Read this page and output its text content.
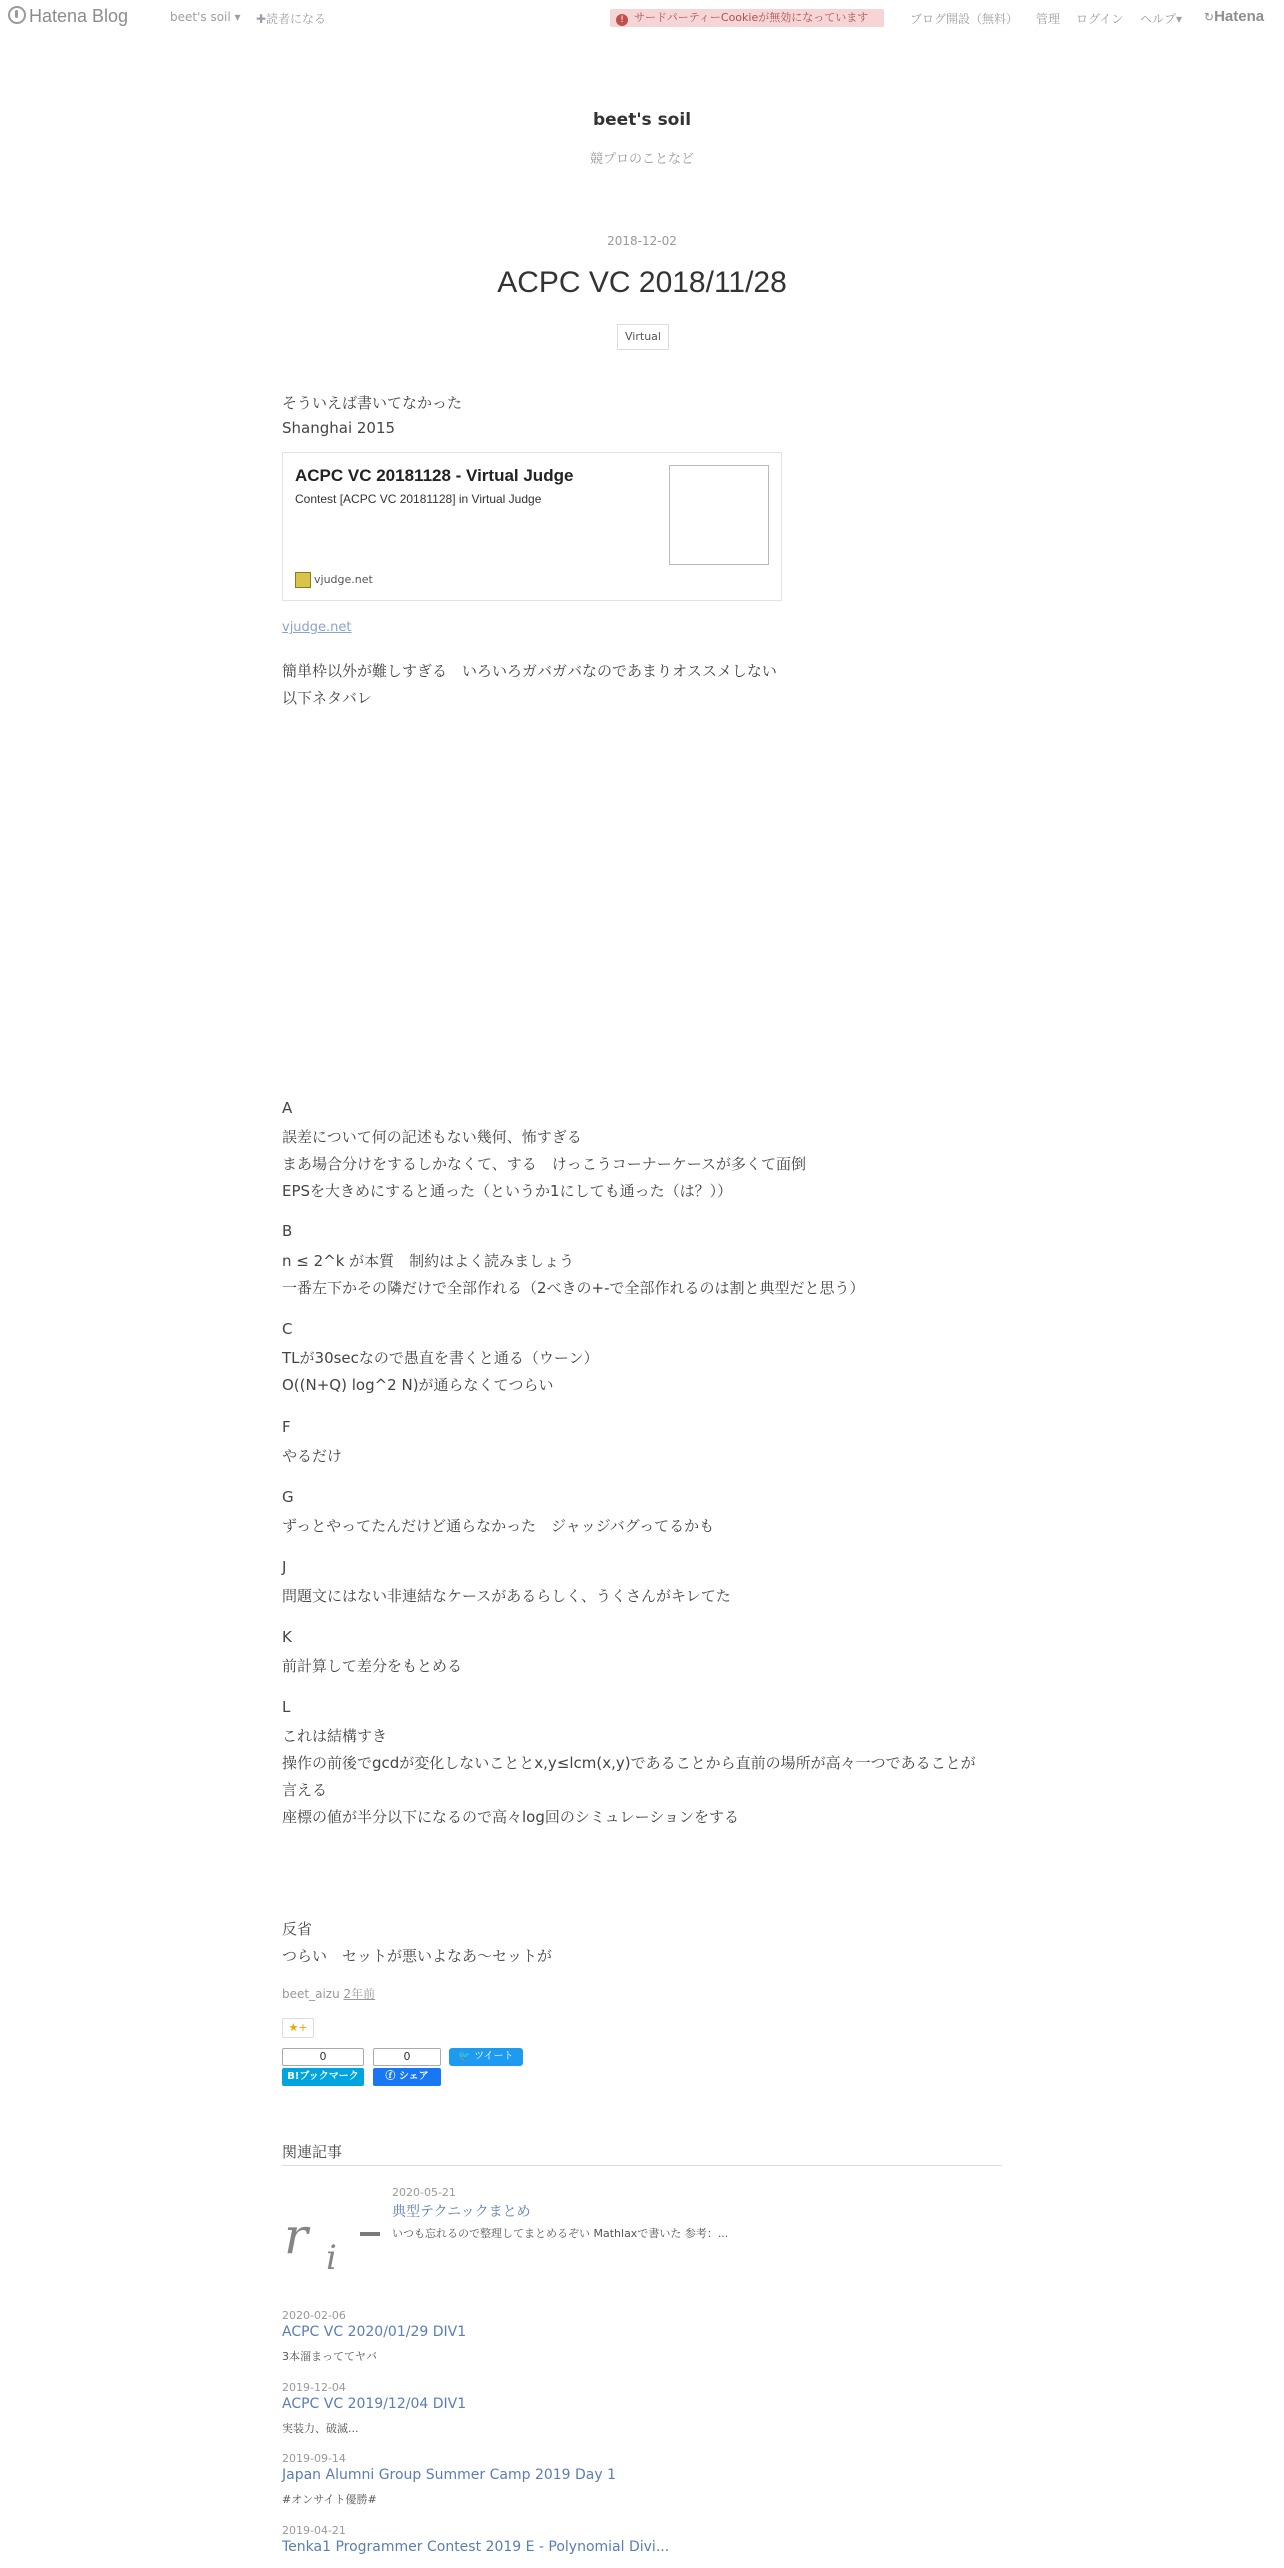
Hatena Blog	beet's soil ▾ ✚読者になる	! サードパーティーCookieが無効になっています	ブログ開設（無料） 管理 ログイン ヘルプ▾ ↻Hatena
beet's soil
競プロのことなど
2018-12-02
ACPC VC 2018/11/28
Virtual
そういえば書いてなかった
Shanghai 2015
ACPC VC 20181128 - Virtual Judge
Contest [ACPC VC 20181128] in Virtual Judge
vjudge.net
vjudge.net
簡単枠以外が難しすぎる　いろいろガバガバなのであまりオススメしない
以下ネタバレ
A
誤差について何の記述もない幾何、怖すぎる
まあ場合分けをするしかなくて、する　けっこうコーナーケースが多くて面倒
EPSを大きめにすると通った（というか1にしても通った（は？））
B
n ≤ 2^k が本質　制約はよく読みましょう
一番左下かその隣だけで全部作れる（2べきの+-で全部作れるのは割と典型だと思う）
C
TLが30secなので愚直を書くと通る（ウーン）
O((N+Q) log^2 N)が通らなくてつらい
F
やるだけ
G
ずっとやってたんだけど通らなかった　ジャッジバグってるかも
J
問題文にはない非連結なケースがあるらしく、うくさんがキレてた
K
前計算して差分をもとめる
L
これは結構すき
操作の前後でgcdが変化しないこととx,y≤lcm(x,y)であることから直前の場所が高々一つであることが
言える
座標の値が半分以下になるので高々log回のシミュレーションをする
反省
つらい　セットが悪いよなあ〜セットが
beet_aizu 2年前
★+
0
B!ブックマーク
0
ⓕ シェア
🐦 ツイート
関連記事
r i
2020-05-21
典型テクニックまとめ
いつも忘れるので整理してまとめるぞい Mathlaxで書いた 参考：...
2020-02-06
ACPC VC 2020/01/29 DIV1
3本溜まっててヤバ
2019-12-04
ACPC VC 2019/12/04 DIV1
実装力、破滅...
2019-09-14
Japan Alumni Group Summer Camp 2019 Day 1
#オンサイト優勝#
2019-04-21
Tenka1 Programmer Contest 2019 E - Polynomial Divi...
